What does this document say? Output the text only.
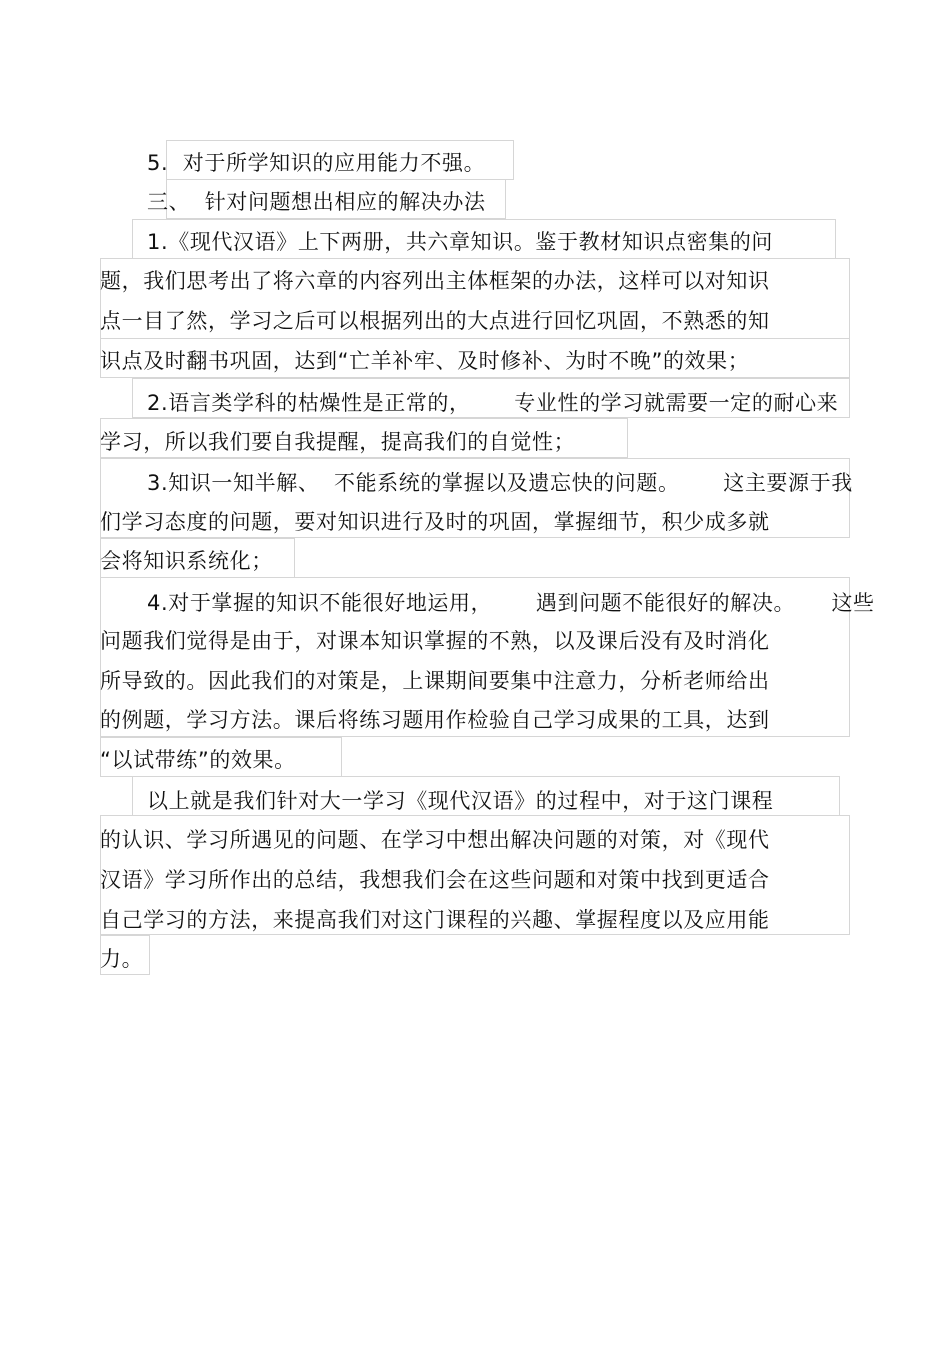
5.  对于所学知识的应用能力不强。
三、  针对问题想出相应的解决办法
1.《现代汉语》上下两册，共六章知识。鉴于教材知识点密集的问
题，我们思考出了将六章的内容列出主体框架的办法，这样可以对知识
点一目了然，学习之后可以根据列出的大点进行回忆巩固，不熟悉的知
识点及时翻书巩固，达到“亡羊补牢、及时修补、为时不晚”的效果；
2.语言类学科的枯燥性是正常的，      专业性的学习就需要一定的耐心来
学习，所以我们要自我提醒，提高我们的自觉性；
3.知识一知半解、  不能系统的掌握以及遗忘快的问题。      这主要源于我
们学习态度的问题，要对知识进行及时的巩固，掌握细节，积少成多就
会将知识系统化；
4.对于掌握的知识不能很好地运用，      遇到问题不能很好的解决。     这些
问题我们觉得是由于，对课本知识掌握的不熟，以及课后没有及时消化
所导致的。因此我们的对策是，上课期间要集中注意力，分析老师给出
的例题，学习方法。课后将练习题用作检验自己学习成果的工具，达到
“以试带练”的效果。
以上就是我们针对大一学习《现代汉语》的过程中，对于这门课程
的认识、学习所遇见的问题、在学习中想出解决问题的对策，对《现代
汉语》学习所作出的总结，我想我们会在这些问题和对策中找到更适合
自己学习的方法，来提高我们对这门课程的兴趣、掌握程度以及应用能
力。
